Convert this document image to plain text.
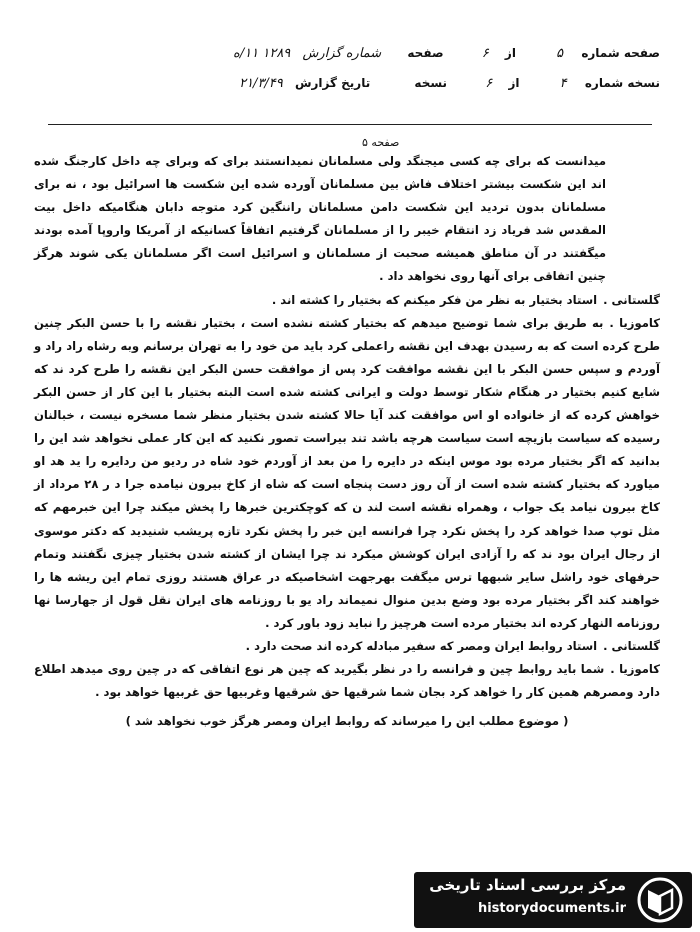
صفحه شماره ۵ از ۶ صفحه شماره گزارش ۱۲۸۹ ۱۱/ه
نسخه شماره ۴ از ۶ نسخه تاریخ گزارش ۲۱/۳/۴۹
صفحه ۵

میدانست که برای چه کسی میجنگد ولی مسلمانان نمیدانستند برای که وبرای چه داخل کارجنگ شده اند این شکست بیشتر اختلاف فاش بین مسلمانان آورده شده این شکست ها اسرائیل بود ، نه برای مسلمانان بدون تردید این شکست دامن مسلمانان راننگین کرد متوجه دابان هنگامیکه داخل بیت المقدس شد فریاد زد انتقام خیبر را از مسلمانان گرفتیم اتفاقاً کسانیکه از آمریکا واروپا آمده بودند میگفتند در آن مناطق همیشه صحبت از مسلمانان و اسرائیل است اگر مسلمانان یکی شوند هرگز چنین اتفاقی برای آنها روی نخواهد داد .

گلستانی .استاد بختیار به نظر من فکر میکنم که بختیار را کشته اند .

کاموزیا .به طریق برای شما توضیح میدهم که بختیار کشته نشده است ، بختیار نقشه را با حسن البکر چنین طرح کرده است که به رسیدن بهدف این نقشه راعملی کرد باید من خود را به تهران برسانم وبه رشاه راد راد و آوردم و سپس حسن البکر با این نقشه موافقت کرد پس از موافقت حسن البکر این نقشه را طرح کرد ند که شایع کنیم بختیار در هنگام شکار توسط دولت و ایرانی کشته شده است البته بختیار با این کار از حسن البکر خواهش کرده که از خانواده او اس موافقت کند آیا حالا کشته شدن بختیار منظر شما مسخره نیست ، خبالنان رسیده که سیاست بازیچه است سیاست هرچه باشد تند بیراست تصور نکنید که این کار عملی نخواهد شد این را بدانید که اگر بختیار مرده بود موس اینکه در دایره را من بعد از آوردم خود شاه در ردیو من ردایره را ید هد او میاورد که بختیار کشته شده است از آن روز دست پنجاه است که شاه از کاخ بیرون نیامده جرا د ر ۲۸ مرداد از کاخ بیرون نیامد یک جواب ، وهمراه نقشه است لند ن که کوچکترین خبرها را پخش میکند چرا این خبرمهم که مثل توپ صدا خواهد کرد را پخش نکرد چرا فرانسه این خبر را پخش نکرد تازه پریشب شنیدید که دکتر موسوی از رجال ایران بود ند که را آزادی ایران کوشش میکرد ند چرا ایشان از کشته شدن بختیار چیزی نگفتند وتمام حرفهای خود راشل سایر شبهها ترس میگفت بهرجهت اشخاصیکه در عراق هستند روزی تمام این ریشه ها را خواهند کند اگر بختیار مرده بود وضع بدین منوال نمیماند راد یو با روزنامه های ایران نقل قول از جهارسا نها روزنامه النهار کرده اند بختیار مرده است هرچیز را نباید زود باور کرد .

گلستانی .استاد روابط ایران ومصر که سفیر مبادله کرده اند صحت دارد .

کاموزیا .شما باید روابط چین و فرانسه را در نظر بگیرید که چین هر نوع اتفاقی که در چین روی میدهد اطلاع دارد ومصرهم همین کار را خواهد کرد بجان شما شرقیها حق شرقیها وغربیها حق غربیها خواهد بود .

( موضوع مطلب این را میرساند که روابط ایران ومصر هرگز خوب نخواهد شد )

مرکز بررسی اسناد تاریخی
historydocuments.ir
